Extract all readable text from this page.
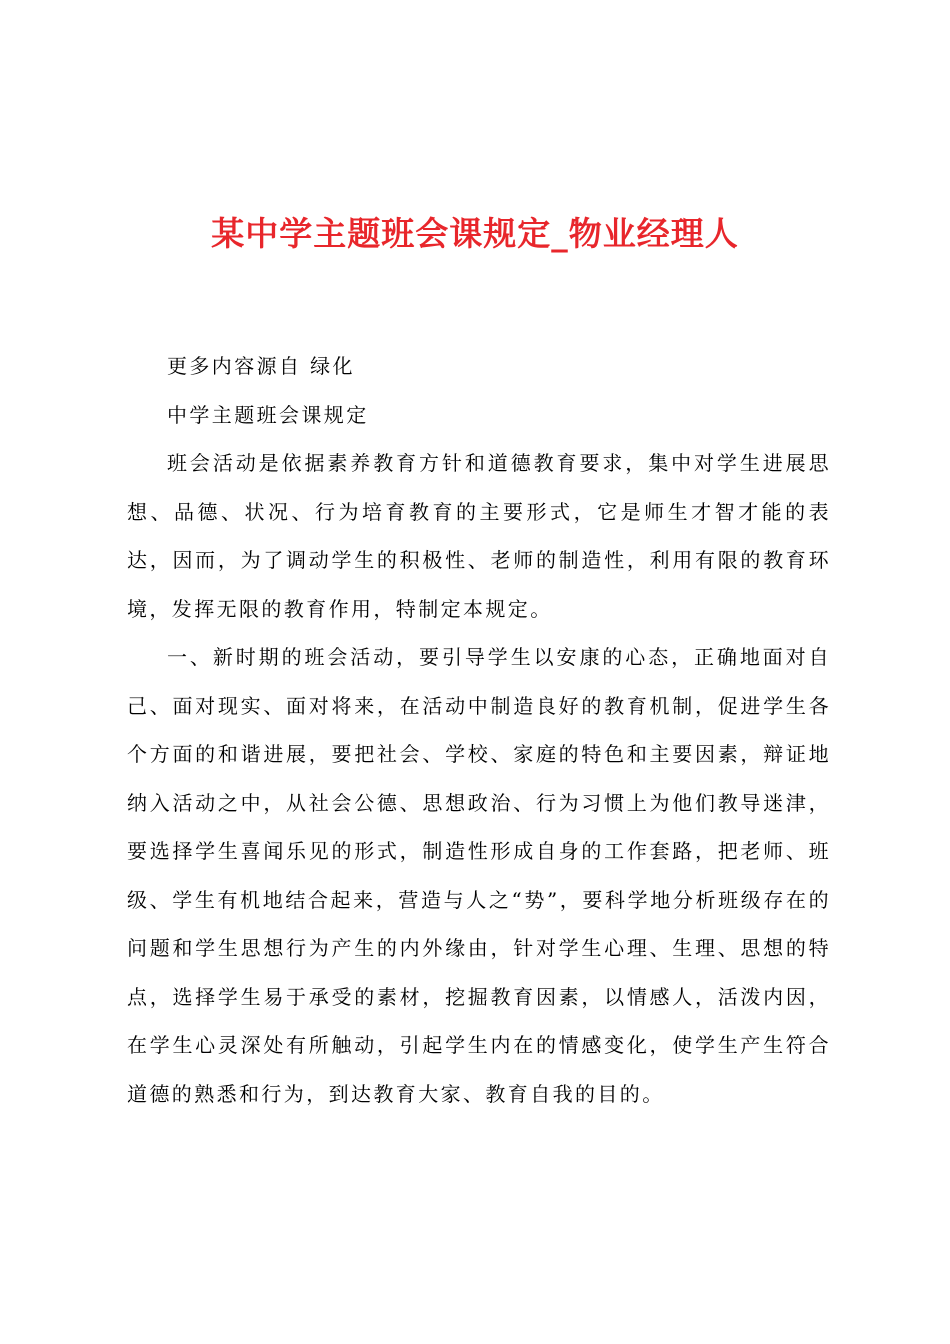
某中学主题班会课规定_物业经理人

更多内容源自 绿化

中学主题班会课规定

班会活动是依据素养教育方针和道德教育要求，集中对学生进展思想、品德、状况、行为培育教育的主要形式，它是师生才智才能的表达，因而，为了调动学生的积极性、老师的制造性，利用有限的教育环境，发挥无限的教育作用，特制定本规定。

一、新时期的班会活动，要引导学生以安康的心态，正确地面对自己、面对现实、面对将来，在活动中制造良好的教育机制，促进学生各个方面的和谐进展，要把社会、学校、家庭的特色和主要因素，辩证地纳入活动之中，从社会公德、思想政治、行为习惯上为他们教导迷津，要选择学生喜闻乐见的形式，制造性形成自身的工作套路，把老师、班级、学生有机地结合起来，营造与人之“势”，要科学地分析班级存在的问题和学生思想行为产生的内外缘由，针对学生心理、生理、思想的特点，选择学生易于承受的素材，挖掘教育因素，以情感人，活泼内因，在学生心灵深处有所触动，引起学生内在的情感变化，使学生产生符合道德的熟悉和行为，到达教育大家、教育自我的目的。
